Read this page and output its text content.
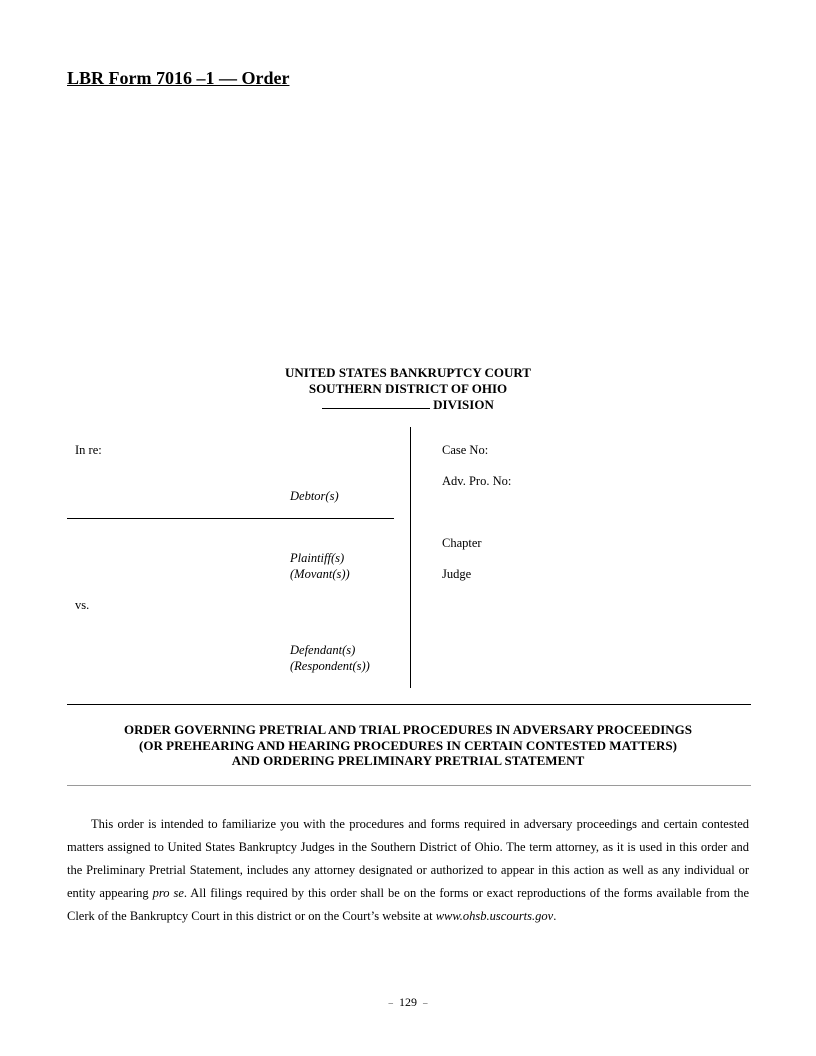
LBR Form 7016 –1 — Order
UNITED STATES BANKRUPTCY COURT
SOUTHERN DISTRICT OF OHIO
DIVISION
In re:
Debtor(s)
Plaintiff(s)
(Movant(s))
vs.
Defendant(s)
(Respondent(s))
Case No:
Adv. Pro. No:
Chapter
Judge
ORDER GOVERNING PRETRIAL AND TRIAL PROCEDURES IN ADVERSARY PROCEEDINGS
(OR PREHEARING AND HEARING PROCEDURES IN CERTAIN CONTESTED MATTERS)
AND ORDERING PRELIMINARY PRETRIAL STATEMENT

This order is intended to familiarize you with the procedures and forms required in adversary proceedings and certain contested matters assigned to United States Bankruptcy Judges in the Southern District of Ohio. The term attorney, as it is used in this order and the Preliminary Pretrial Statement, includes any attorney designated or authorized to appear in this action as well as any individual or entity appearing pro se. All filings required by this order shall be on the forms or exact reproductions of the forms available from the Clerk of the Bankruptcy Court in this district or on the Court’s website at www.ohsb.uscourts.gov.

– 129 –
